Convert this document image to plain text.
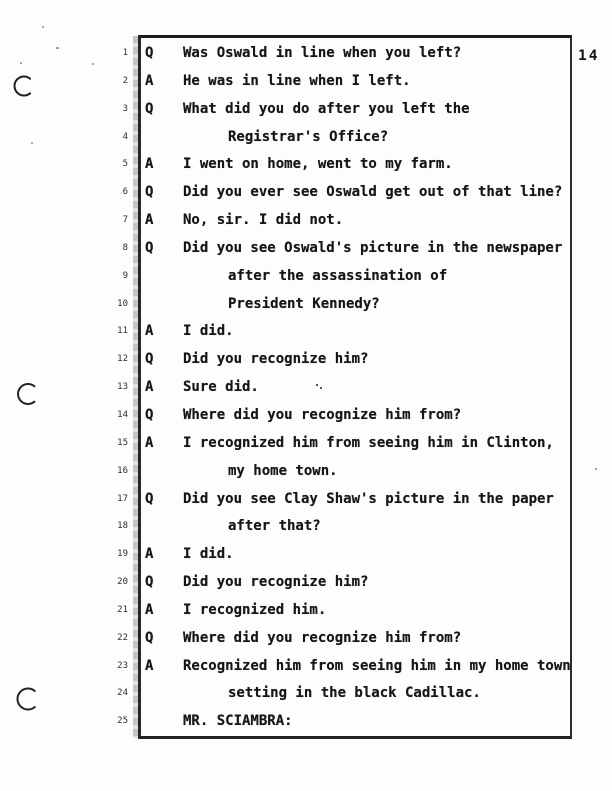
14
1 Q	Was Oswald in line when you left?
2 A	He was in line when I left.
3 Q	What did you do after you left the
4	Registrar's Office?
5 A	I went on home, went to my farm.
6 Q	Did you ever see Oswald get out of that line?
7 A	No, sir. I did not.
8 Q	Did you see Oswald's picture in the newspaper
9	after the assassination of
10	President Kennedy?
11 A	I did.
12 Q	Did you recognize him?
13 A	Sure did.
14 Q	Where did you recognize him from?
15 A	I recognized him from seeing him in Clinton,
16	my home town.
17 Q	Did you see Clay Shaw's picture in the paper
18	after that?
19 A	I did.
20 Q	Did you recognize him?
21 A	I recognized him.
22 Q	Where did you recognize him from?
23 A	Recognized him from seeing him in my home town
24	setting in the black Cadillac.
25	MR. SCIAMBRA:
